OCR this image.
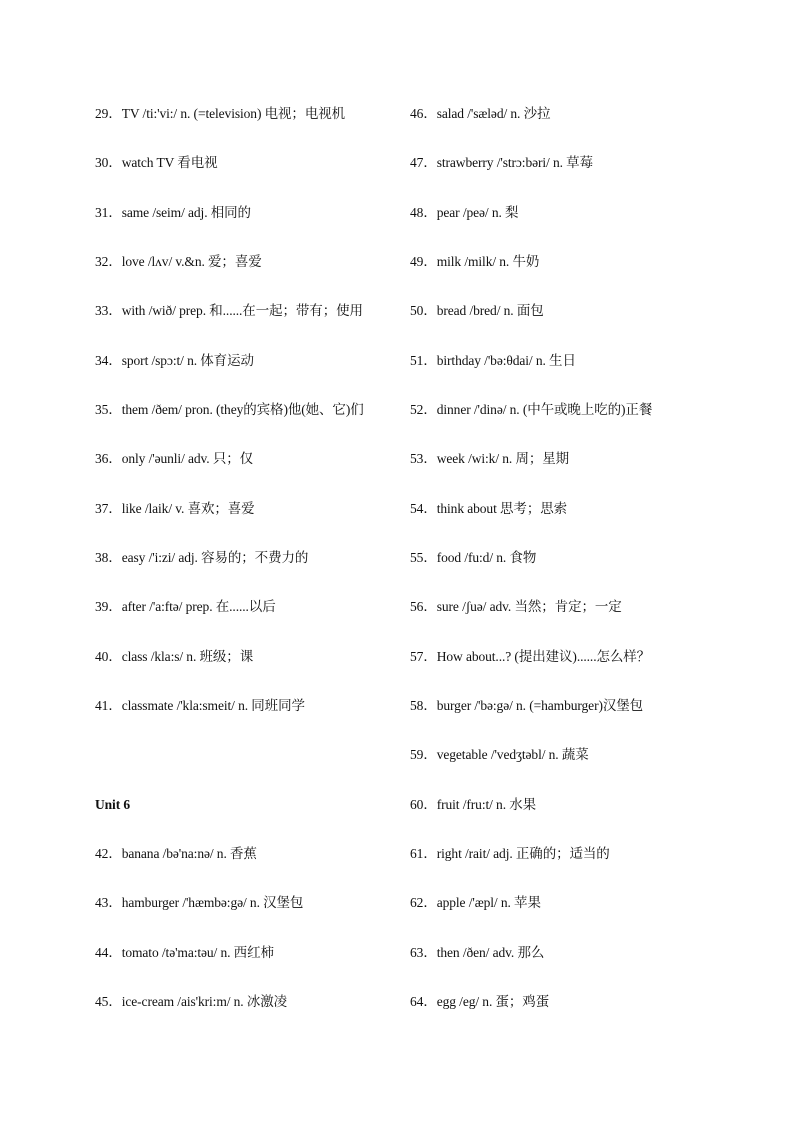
29．TV /ti:'vi:/ n. (=television) 电视；电视机
30．watch TV 看电视
31．same /seim/ adj. 相同的
32．love /lʌv/ v.&n. 爱；喜爱
33．with /wið/ prep. 和......在一起；带有；使用
34．sport /spɔ:t/ n. 体育运动
35．them /ðem/ pron. (they的宾格)他(她、它)们
36．only /'əunli/ adv. 只；仅
37．like /laik/ v. 喜欢；喜爱
38．easy /'i:zi/ adj. 容易的；不费力的
39．after /'a:ftə/ prep. 在......以后
40．class /kla:s/ n. 班级；课
41．classmate /'kla:smeit/ n. 同班同学
Unit 6
42．banana /bə'na:nə/ n. 香蕉
43．hamburger /'hæmbə:gə/ n. 汉堡包
44．tomato /tə'ma:təu/ n. 西红柿
45．ice-cream /ais'kri:m/ n. 冰激凌
46．salad /'sæləd/ n. 沙拉
47．strawberry /'strɔ:bəri/ n. 草莓
48．pear /peə/ n. 梨
49．milk /milk/ n. 牛奶
50．bread /bred/ n. 面包
51．birthday /'bə:θdai/ n. 生日
52．dinner /'dinə/ n. (中午或晚上吃的)正餐
53．week /wi:k/ n. 周；星期
54．think about 思考；思索
55．food /fu:d/ n. 食物
56．sure /ʃuə/ adv. 当然；肯定；一定
57．How about...? (提出建议)......怎么样？
58．burger /'bə:gə/ n. (=hamburger)汉堡包
59．vegetable /'vedʒtəbl/ n. 蔬菜
60．fruit /fru:t/ n. 水果
61．right /rait/ adj. 正确的；适当的
62．apple /'æpl/ n. 苹果
63．then /ðen/ adv. 那么
64．egg /eg/ n. 蛋；鸡蛋
